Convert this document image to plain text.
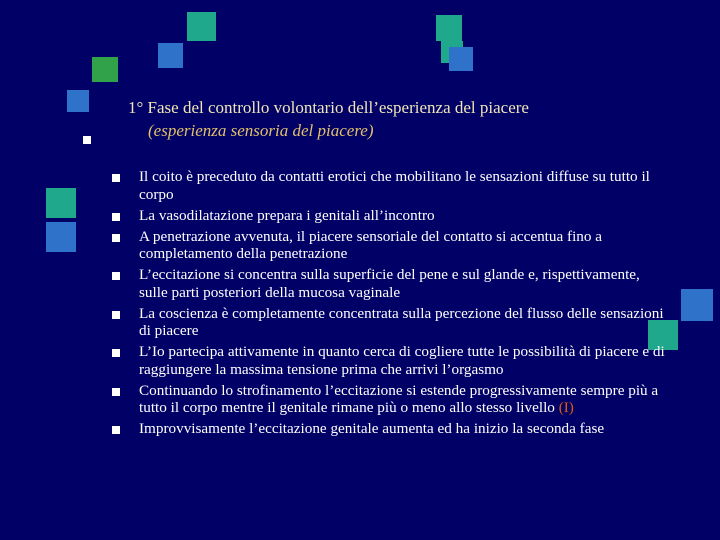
1° Fase del controllo volontario dell’esperienza del piacere
(esperienza sensoria del piacere)
Il coito è preceduto da contatti erotici che mobilitano le sensazioni diffuse su tutto il corpo
La vasodilatazione prepara i genitali all’incontro
A penetrazione avvenuta, il piacere sensoriale del contatto si accentua fino a completamento della penetrazione
L’eccitazione si concentra sulla superficie del pene e sul glande e, rispettivamente, sulle parti posteriori della mucosa vaginale
La coscienza è completamente concentrata sulla percezione del flusso delle sensazioni di piacere
L’Io partecipa attivamente in quanto cerca di cogliere tutte le possibilità di piacere e di raggiungere la massima tensione prima che arrivi l’orgasmo
Continuando lo strofinamento l’eccitazione si estende progressivamente sempre più a tutto il corpo mentre il genitale rimane più o meno allo stesso livello (I)
Improvvisamente l’eccitazione genitale aumenta ed ha inizio la seconda fase
